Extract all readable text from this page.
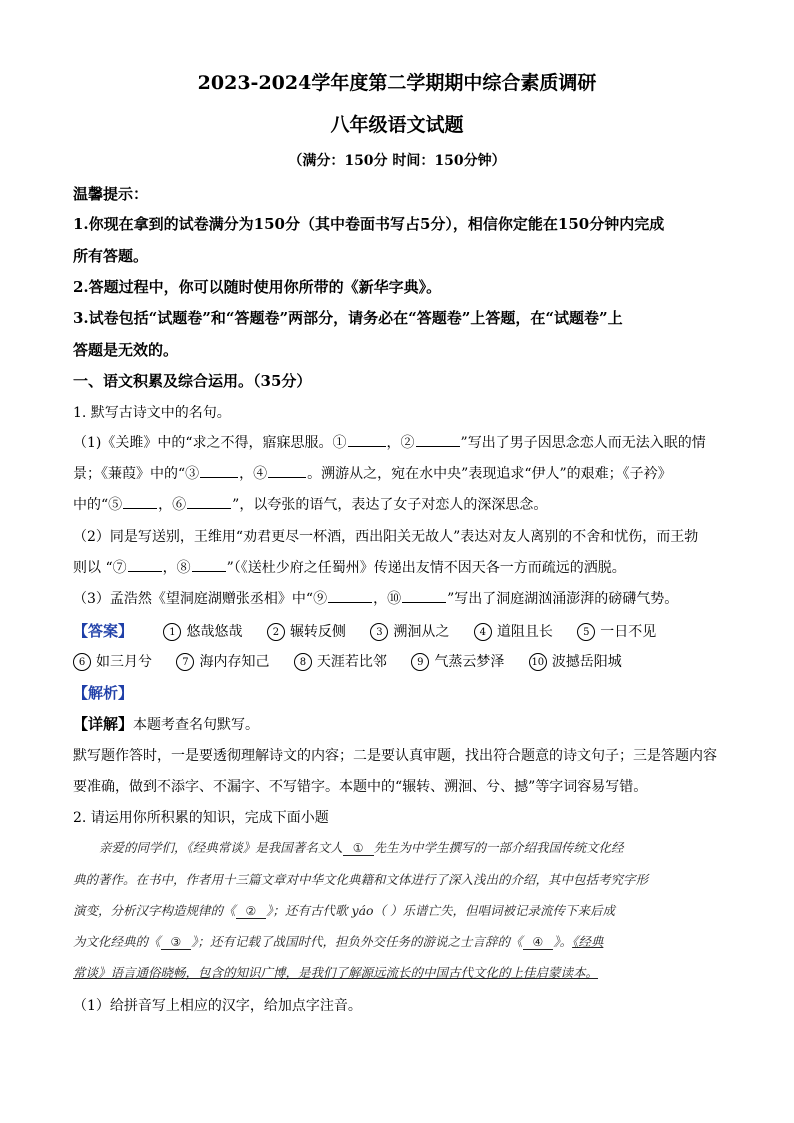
2023-2024学年度第二学期期中综合素质调研
八年级语文试题
（满分：150分 时间：150分钟）
温馨提示：
1.你现在拿到的试卷满分为150分（其中卷面书写占5分），相信你定能在150分钟内完成
所有答题。
2.答题过程中，你可以随时使用你所带的《新华字典》。
3.试卷包括“试题卷”和“答题卷”两部分，请务必在“答题卷”上答题，在“试题卷”上
答题是无效的。
一、语文积累及综合运用。（35分）
1. 默写古诗文中的名句。
（1)《关雎》中的“求之不得，寤寐思服。①	，②	”写出了男子因思念恋人而无法入眠的情
景；《蒹葭》中的“③	，④	。溯游从之，宛在水中央”表现追求“伊人”的艰难；《子衿》
中的“⑤	，⑥	”，以夸张的语气，表达了女子对恋人的深深思念。
（2）同是写送别，王维用“劝君更尽一杯酒，西出阳关无故人”表达对友人离别的不舍和忧伤，而王勃
则以 “⑦	，⑧	”（《送杜少府之任蜀州》传递出友情不因天各一方而疏远的洒脱。
（3）孟浩然《望洞庭湖赠张丞相》中“⑨	，⑩	”写出了洞庭湖汹涌澎湃的磅礴气势。
【答案】	1 悠哉悠哉	2 辗转反侧	3 溯洄从之	4 道阻且长	5 一日不见
6 如三月兮	7 海内存知己	8 天涯若比邻	9 气蒸云梦泽	10 波撼岳阳城
【解析】
【详解】本题考查名句默写。
默写题作答时，一是要透彻理解诗文的内容；二是要认真审题，找出符合题意的诗文句子；三是答题内容
要准确，做到不添字、不漏字、不写错字。本题中的“辗转、溯洄、兮、撼”等字词容易写错。
2. 请运用你所积累的知识，完成下面小题
亲爱的同学们，《经典常谈》是我国著名文人 ① 先生为中学生撰写的一部介绍我国传统文化经
典的著作。在书中，作者用十三篇文章对中华文化典籍和文体进行了深入浅出的介绍，其中包括考究字形
演变，分析汉字构造规律的《 ② 》；还有古代歌 yáo（ ）乐谱亡失，但唱词被记录流传下来后成
为文化经典的《 ③ 》；还有记载了战国时代，担负外交任务的游说之士言辞的《 ④ 》。《经典
常谈》语言通俗晓畅，包含的知识广博，是我们了解源远流长的中国古代文化的上佳启蒙读本。
（1）给拼音写上相应的汉字，给加点字注音。
